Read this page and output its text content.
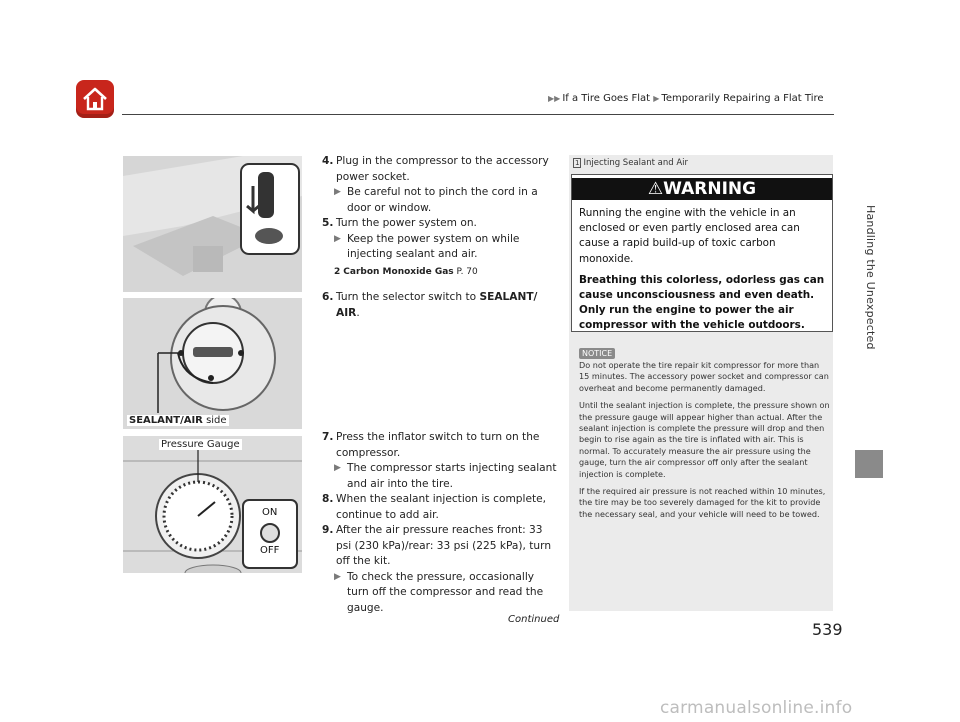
▶▶ If a Tire Goes Flat ▶ Temporarily Repairing a Flat Tire
Handling the Unexpected
SEALANT/AIR side
ON
OFF
Pressure Gauge
4. Plug in the compressor to the accessory power socket.
▶ Be careful not to pinch the cord in a door or window.
5. Turn the power system on.
▶ Keep the power system on while injecting sealant and air.
2 Carbon Monoxide Gas P. 70
6. Turn the selector switch to SEALANT/ AIR.
7. Press the inflator switch to turn on the compressor.
▶ The compressor starts injecting sealant and air into the tire.
8. When the sealant injection is complete, continue to add air.
9. After the air pressure reaches front: 33 psi (230 kPa)/rear: 33 psi (225 kPa), turn off the kit.
▶ To check the pressure, occasionally turn off the compressor and read the gauge.
1 Injecting Sealant and Air
⚠WARNING

Running the engine with the vehicle in an enclosed or even partly enclosed area can cause a rapid build-up of toxic carbon monoxide.

Breathing this colorless, odorless gas can cause unconsciousness and even death. Only run the engine to power the air compressor with the vehicle outdoors.

NOTICE

Do not operate the tire repair kit compressor for more than 15 minutes. The accessory power socket and compressor can overheat and become permanently damaged.

Until the sealant injection is complete, the pressure shown on the pressure gauge will appear higher than actual. After the sealant injection is complete the pressure will drop and then begin to rise again as the tire is inflated with air. This is normal. To accurately measure the air pressure using the gauge, turn the air compressor off only after the sealant injection is complete.

If the required air pressure is not reached within 10 minutes, the tire may be too severely damaged for the kit to provide the necessary seal, and your vehicle will need to be towed.

Continued
539
carmanualsonline.info
